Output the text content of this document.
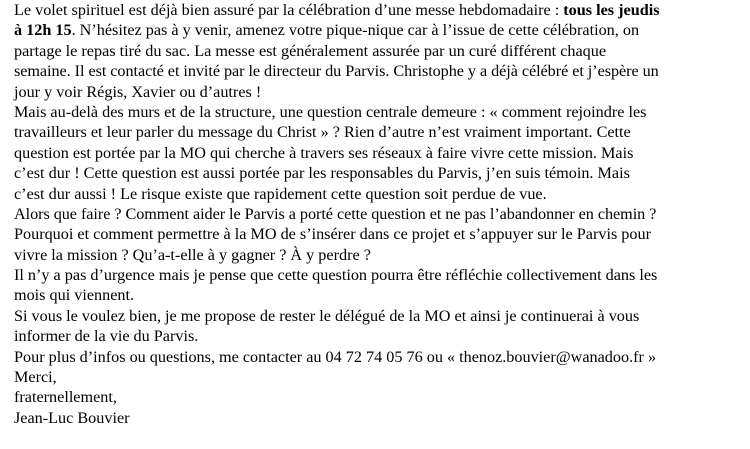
Le volet spirituel est déjà bien assuré par la célébration d’une messe hebdomadaire : tous les jeudis
à 12h 15. N’hésitez pas à y venir, amenez votre pique-nique car à l’issue de cette célébration, on
partage le repas tiré du sac. La messe est généralement assurée par un curé différent chaque
semaine. Il est contacté et invité par le directeur du Parvis. Christophe y a déjà célébré et j’espère un
jour y voir Régis, Xavier ou d’autres !
Mais au-delà des murs et de la structure, une question centrale demeure : « comment rejoindre les
travailleurs et leur parler du message du Christ » ? Rien d’autre n’est vraiment important. Cette
question est portée par la MO qui cherche à travers ses réseaux à faire vivre cette mission. Mais
c’est dur ! Cette question est aussi portée par les responsables du Parvis, j’en suis témoin. Mais
c’est dur aussi ! Le risque existe que rapidement cette question soit perdue de vue.
Alors que faire ? Comment aider le Parvis a porté cette question et ne pas l’abandonner en chemin ?
Pourquoi et comment permettre à la MO de s’insérer dans ce projet et s’appuyer sur le Parvis pour
vivre la mission ? Qu’a-t-elle à y gagner ? À y perdre ?
Il n’y a pas d’urgence mais je pense que cette question pourra être réfléchie collectivement dans les
mois qui viennent.
Si vous le voulez bien, je me propose de rester le délégué de la MO et ainsi je continuerai à vous
informer de la vie du Parvis.
Pour plus d’infos ou questions, me contacter au 04 72 74 05 76 ou « thenoz.bouvier@wanadoo.fr »
Merci,
fraternellement,
Jean-Luc Bouvier
